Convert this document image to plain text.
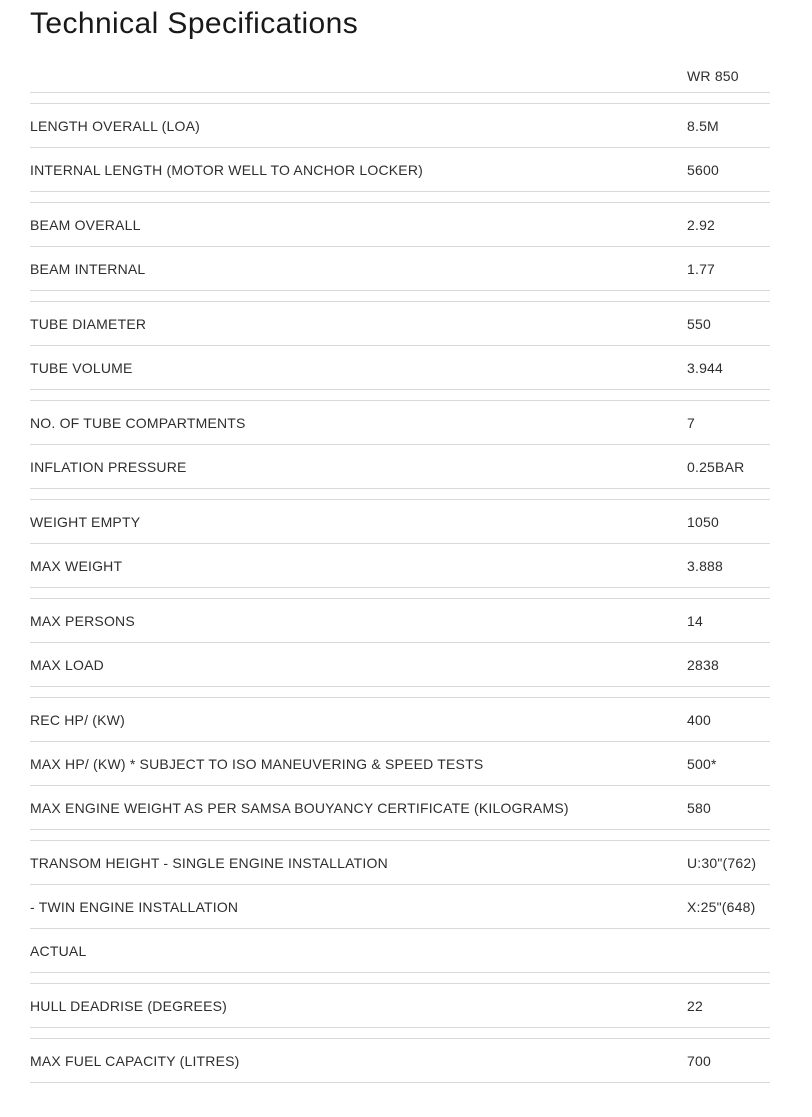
Technical Specifications
WR 850
LENGTH OVERALL (LOA)	8.5M
INTERNAL LENGTH (MOTOR WELL TO ANCHOR LOCKER)	5600
BEAM OVERALL	2.92
BEAM INTERNAL	1.77
TUBE DIAMETER	550
TUBE VOLUME	3.944
NO. OF TUBE COMPARTMENTS	7
INFLATION PRESSURE	0.25BAR
WEIGHT EMPTY	1050
MAX WEIGHT	3.888
MAX PERSONS	14
MAX LOAD	2838
REC HP/ (KW)	400
MAX HP/ (KW) * SUBJECT TO ISO MANEUVERING & SPEED TESTS	500*
MAX ENGINE WEIGHT AS PER SAMSA BOUYANCY CERTIFICATE (KILOGRAMS)	580
TRANSOM HEIGHT - SINGLE ENGINE INSTALLATION	U:30"(762)
- TWIN ENGINE INSTALLATION	X:25"(648)
ACTUAL
HULL DEADRISE (DEGREES)	22
MAX FUEL CAPACITY (LITRES)	700
